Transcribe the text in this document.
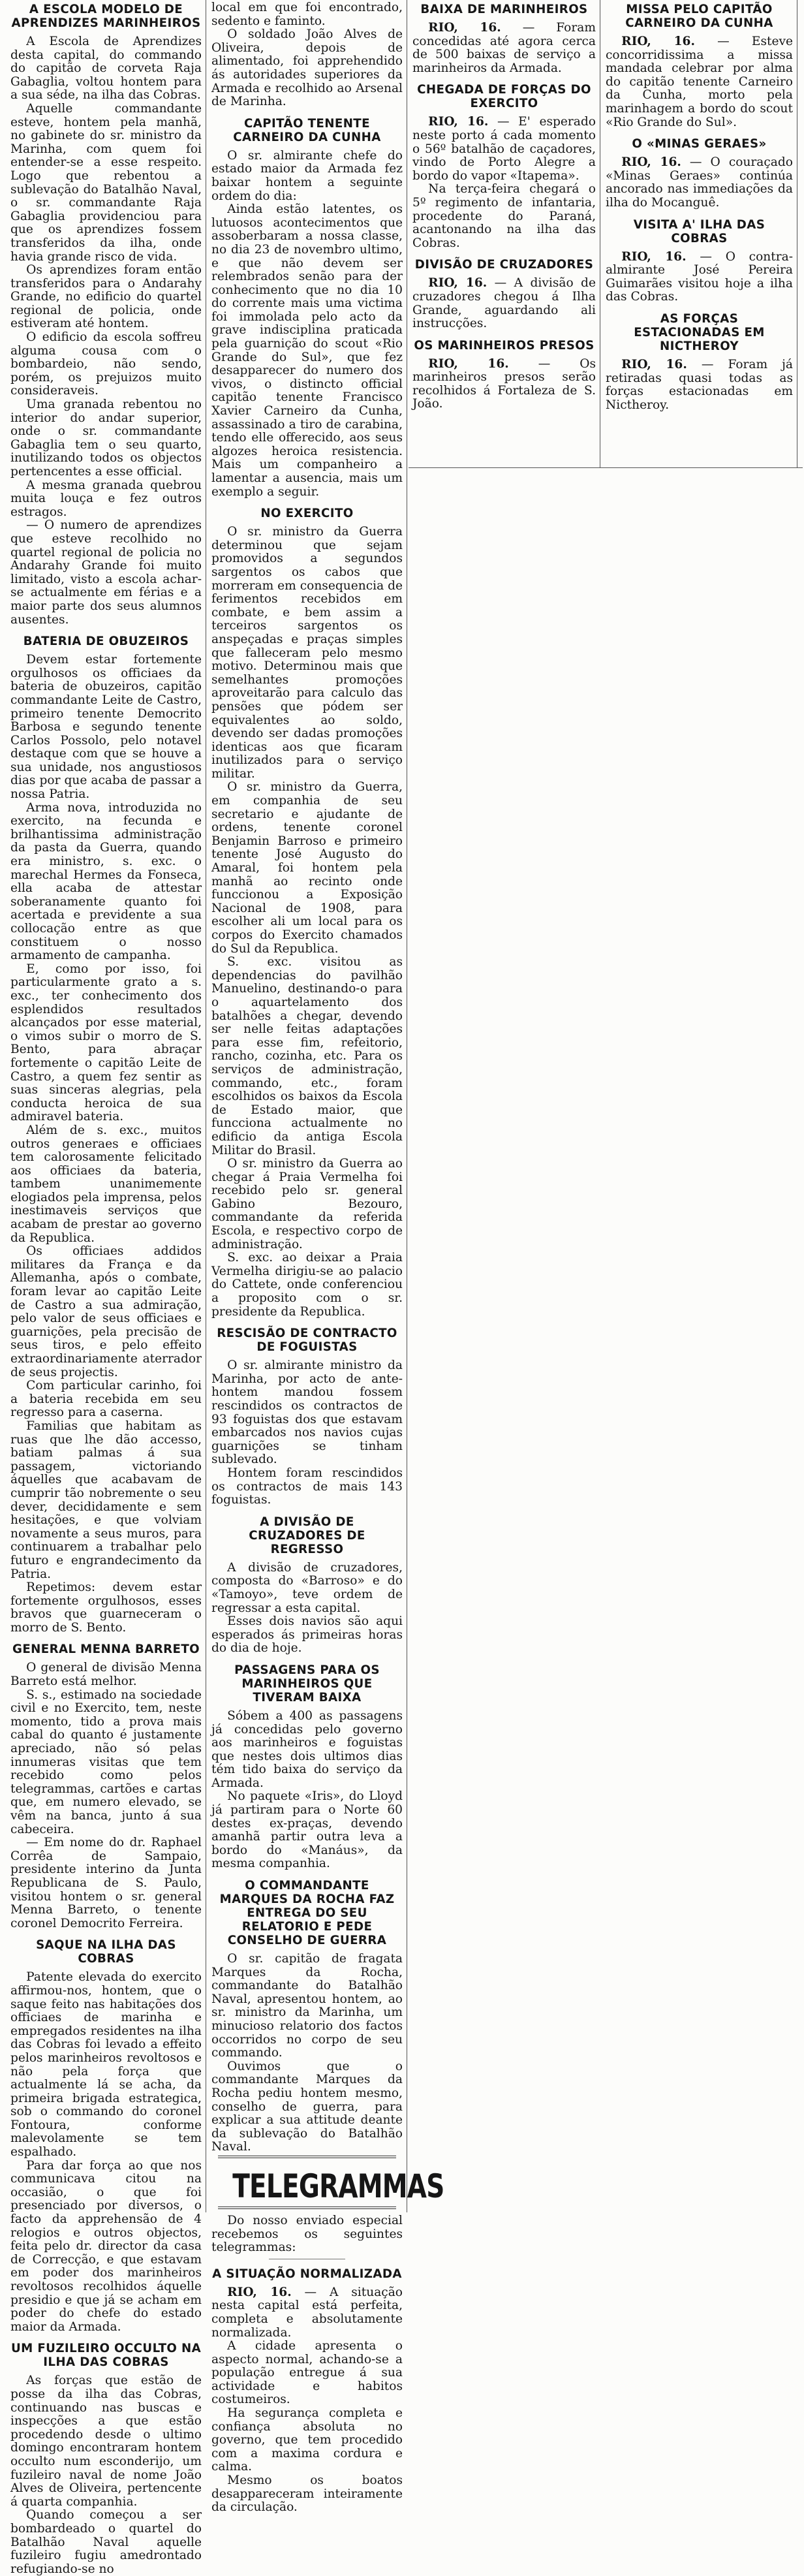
A ESCOLA MODELO DE APRENDIZES MARINHEIROS

A Escola de Aprendizes desta capital, do commando do capitão de corveta Raja Gabaglia, voltou hontem para a sua séde, na ilha das Cobras.

Aquelle commandante esteve, hontem pela manhã, no gabinete do sr. ministro da Marinha, com quem foi entender-se a esse respeito. Logo que rebentou a sublevação do Batalhão Naval, o sr. commandante Raja Gabaglia providenciou para que os aprendizes fossem transferidos da ilha, onde havia grande risco de vida.

Os aprendizes foram então transferidos para o Andarahy Grande, no edificio do quartel regional de policia, onde estiveram até hontem.

O edificio da escola soffreu alguma cousa com o bombardeio, não sendo, porém, os prejuizos muito consideraveis.

Uma granada rebentou no interior do andar superior, onde o sr. commandante Gabaglia tem o seu quarto, inutilizando todos os objectos pertencentes a esse official.

A mesma granada quebrou muita louça e fez outros estragos.

— O numero de aprendizes que esteve recolhido no quartel regional de policia no Andarahy Grande foi muito limitado, visto a escola achar-se actualmente em férias e a maior parte dos seus alumnos ausentes.

BATERIA DE OBUZEIROS

Devem estar fortemente orgulhosos os officiaes da bateria de obuzeiros, capitão commandante Leite de Castro, primeiro tenente Democrito Barbosa e segundo tenente Carlos Possolo, pelo notavel destaque com que se houve a sua unidade, nos angustiosos dias por que acaba de passar a nossa Patria.

Arma nova, introduzida no exercito, na fecunda e brilhantissima administração da pasta da Guerra, quando era ministro, s. exc. o marechal Hermes da Fonseca, ella acaba de attestar soberanamente quanto foi acertada e previdente a sua collocação entre as que constituem o nosso armamento de campanha.

E, como por isso, foi particularmente grato a s. exc., ter conhecimento dos esplendidos resultados alcançados por esse material, o vimos subir o morro de S. Bento, para abraçar fortemente o capitão Leite de Castro, a quem fez sentir as suas sinceras alegrias, pela conducta heroica de sua admiravel bateria.

Além de s. exc., muitos outros generaes e officiaes tem calorosamente felicitado aos officiaes da bateria, tambem unanimemente elogiados pela imprensa, pelos inestimaveis serviços que acabam de prestar ao governo da Republica.

Os officiaes addidos militares da França e da Allemanha, após o combate, foram levar ao capitão Leite de Castro a sua admiração, pelo valor de seus officiaes e guarnições, pela precisão de seus tiros, e pelo effeito extraordinariamente aterrador de seus projectis.

Com particular carinho, foi a bateria recebida em seu regresso para a caserna.

Familias que habitam as ruas que lhe dão accesso, batiam palmas á sua passagem, victoriando áquelles que acabavam de cumprir tão nobremente o seu dever, decididamente e sem hesitações, e que volviam novamente a seus muros, para continuarem a trabalhar pelo futuro e engrandecimento da Patria.

Repetimos: devem estar fortemente orgulhosos, esses bravos que guarneceram o morro de S. Bento.

GENERAL MENNA BARRETO

O general de divisão Menna Barreto está melhor.

S. s., estimado na sociedade civil e no Exercito, tem, neste momento, tido a prova mais cabal do quanto é justamente apreciado, não só pelas innumeras visitas que tem recebido como pelos telegrammas, cartões e cartas que, em numero elevado, se vêm na banca, junto á sua cabeceira.

— Em nome do dr. Raphael Corrêa de Sampaio, presidente interino da Junta Republicana de S. Paulo, visitou hontem o sr. general Menna Barreto, o tenente coronel Democrito Ferreira.

SAQUE NA ILHA DAS COBRAS

Patente elevada do exercito affirmou-nos, hontem, que o saque feito nas habitações dos officiaes de marinha e empregados residentes na ilha das Cobras foi levado a effeito pelos marinheiros revoltosos e não pela força que actualmente lá se acha, da primeira brigada estrategica, sob o commando do coronel Fontoura, conforme malevolamente se tem espalhado.

Para dar força ao que nos communicava citou na occasião, o que foi presenciado por diversos, o facto da apprehensão de 4 relogios e outros objectos, feita pelo dr. director da casa de Correcção, e que estavam em poder dos marinheiros revoltosos recolhidos áquelle presidio e que já se acham em poder do chefe do estado maior da Armada.

UM FUZILEIRO OCCULTO NA ILHA DAS COBRAS

As forças que estão de posse da ilha das Cobras, continuando nas buscas e inspecções a que estão procedendo desde o ultimo domingo encontraram hontem occulto num esconderijo, um fuzileiro naval de nome João Alves de Oliveira, pertencente á quarta companhia.

Quando começou a ser bombardeado o quartel do Batalhão Naval aquelle fuzileiro fugiu amedrontado refugiando-se no

local em que foi encontrado, sedento e faminto.

O soldado João Alves de Oliveira, depois de alimentado, foi apprehendido ás autoridades superiores da Armada e recolhido ao Arsenal de Marinha.

CAPITÃO TENENTE CARNEIRO DA CUNHA

O sr. almirante chefe do estado maior da Armada fez baixar hontem a seguinte ordem do dia:

Ainda estão latentes, os lutuosos acontecimentos que assoberbaram a nossa classe, no dia 23 de novembro ultimo, e que não devem ser relembrados senão para der conhecimento que no dia 10 do corrente mais uma victima foi immolada pelo acto da grave indisciplina praticada pela guarnição do scout «Rio Grande do Sul», que fez desapparecer do numero dos vivos, o distincto official capitão tenente Francisco Xavier Carneiro da Cunha, assassinado a tiro de carabina, tendo elle offerecido, aos seus algozes heroica resistencia. Mais um companheiro a lamentar a ausencia, mais um exemplo a seguir.

NO EXERCITO

O sr. ministro da Guerra determinou que sejam promovidos a segundos sargentos os cabos que morreram em consequencia de ferimentos recebidos em combate, e bem assim a terceiros sargentos os anspeçadas e praças simples que falleceram pelo mesmo motivo. Determinou mais que semelhantes promoções aproveitarão para calculo das pensões que pódem ser equivalentes ao soldo, devendo ser dadas promoções identicas aos que ficaram inutilizados para o serviço militar.

O sr. ministro da Guerra, em companhia de seu secretario e ajudante de ordens, tenente coronel Benjamin Barroso e primeiro tenente José Augusto do Amaral, foi hontem pela manhã ao recinto onde funccionou a Exposição Nacional de 1908, para escolher ali um local para os corpos do Exercito chamados do Sul da Republica.

S. exc. visitou as dependencias do pavilhão Manuelino, destinando-o para o aquartelamento dos batalhões a chegar, devendo ser nelle feitas adaptações para esse fim, refeitorio, rancho, cozinha, etc. Para os serviços de administração, commando, etc., foram escolhidos os baixos da Escola de Estado maior, que funcciona actualmente no edificio da antiga Escola Militar do Brasil.

O sr. ministro da Guerra ao chegar á Praia Vermelha foi recebido pelo sr. general Gabino Bezouro, commandante da referida Escola, e respectivo corpo de administração.

S. exc. ao deixar a Praia Vermelha dirigiu-se ao palacio do Cattete, onde conferenciou a proposito com o sr. presidente da Republica.

RESCISÃO DE CONTRACTO DE FOGUISTAS

O sr. almirante ministro da Marinha, por acto de ante-hontem mandou fossem rescindidos os contractos de 93 foguistas dos que estavam embarcados nos navios cujas guarnições se tinham sublevado.

Hontem foram rescindidos os contractos de mais 143 foguistas.

A DIVISÃO DE CRUZADORES DE REGRESSO

A divisão de cruzadores, composta do «Barroso» e do «Tamoyo», teve ordem de regressar a esta capital.

Esses dois navios são aqui esperados ás primeiras horas do dia de hoje.

PASSAGENS PARA OS MARINHEIROS QUE TIVERAM BAIXA

Sóbem a 400 as passagens já concedidas pelo governo aos marinheiros e foguistas que nestes dois ultimos dias tém tido baixa do serviço da Armada.

No paquete «Iris», do Lloyd já partiram para o Norte 60 destes ex-praças, devendo amanhã partir outra leva a bordo do «Manáus», da mesma companhia.

O COMMANDANTE MARQUES DA ROCHA FAZ ENTREGA DO SEU RELATORIO E PEDE CONSELHO DE GUERRA

O sr. capitão de fragata Marques da Rocha, commandante do Batalhão Naval, apresentou hontem, ao sr. ministro da Marinha, um minucioso relatorio dos factos occorridos no corpo de seu commando.

Ouvimos que o commandante Marques da Rocha pediu hontem mesmo, conselho de guerra, para explicar a sua attitude deante da sublevação do Batalhão Naval.

TELEGRAMMAS

Do nosso enviado especial recebemos os seguintes telegrammas:

A SITUAÇÃO NORMALIZADA

RIO, 16. — A situação nesta capital está perfeita, completa e absolutamente normalizada.

A cidade apresenta o aspecto normal, achando-se a população entregue á sua actividade e habitos costumeiros.

Ha segurança completa e confiança absoluta no governo, que tem procedido com a maxima cordura e calma.

Mesmo os boatos desappareceram inteiramente da circulação.

BAIXA DE MARINHEIROS

RIO, 16. — Foram concedidas até agora cerca de 500 baixas de serviço a marinheiros da Armada.

CHEGADA DE FORÇAS DO EXERCITO

RIO, 16. — E' esperado neste porto á cada momento o 56º batalhão de caçadores, vindo de Porto Alegre a bordo do vapor «Itapema».

Na terça-feira chegará o 5º regimento de infantaria, procedente do Paraná, acantonando na ilha das Cobras.

DIVISÃO DE CRUZADORES

RIO, 16. — A divisão de cruzadores chegou á Ilha Grande, aguardando ali instrucções.

OS MARINHEIROS PRESOS

RIO, 16. — Os marinheiros presos serão recolhidos á Fortaleza de S. João.

MISSA PELO CAPITÃO CARNEIRO DA CUNHA

RIO, 16. — Esteve concorridissima a missa mandada celebrar por alma do capitão tenente Carneiro da Cunha, morto pela marinhagem a bordo do scout «Rio Grande do Sul».

O «MINAS GERAES»

RIO, 16. — O couraçado «Minas Geraes» continúa ancorado nas immediações da ilha do Mocanguê.

VISITA A' ILHA DAS COBRAS

RIO, 16. — O contra-almirante José Pereira Guimarães visitou hoje a ilha das Cobras.

AS FORÇAS ESTACIONADAS EM NICTHEROY

RIO, 16. — Foram já retiradas quasi todas as forças estacionadas em Nictheroy.
